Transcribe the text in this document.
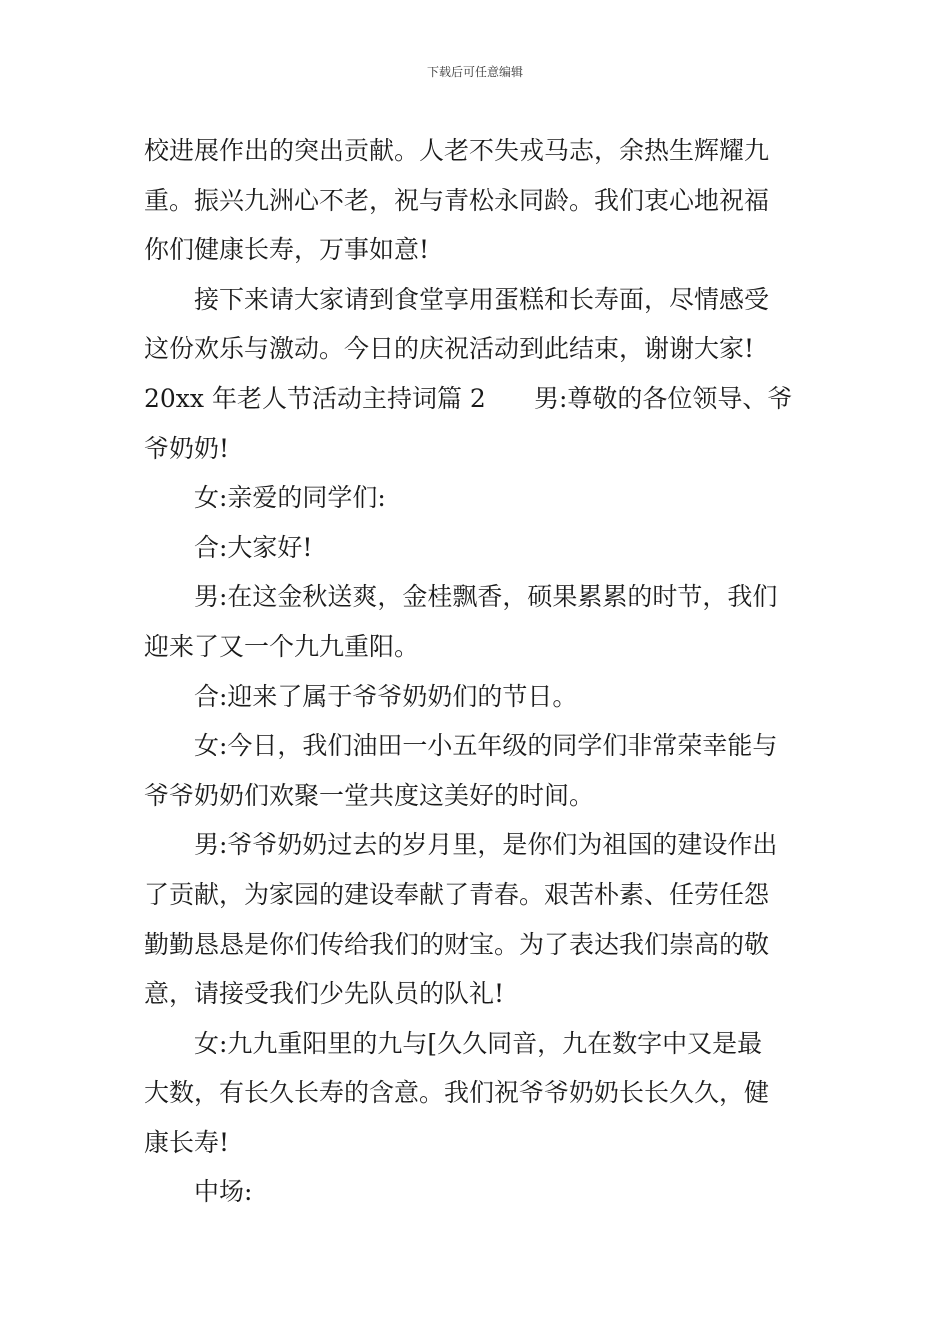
下载后可任意编辑
校进展作出的突出贡献。人老不失戎马志，余热生辉耀九
重。振兴九洲心不老，祝与青松永同龄。我们衷心地祝福
你们健康长寿，万事如意!
接下来请大家请到食堂享用蛋糕和长寿面，尽情感受
这份欢乐与激动。今日的庆祝活动到此结束，谢谢大家!
20xx 年老人节活动主持词篇 2 男:尊敬的各位领导、爷
爷奶奶!
女:亲爱的同学们:
合:大家好!
男:在这金秋送爽，金桂飘香，硕果累累的时节，我们
迎来了又一个九九重阳。
合:迎来了属于爷爷奶奶们的节日。
女:今日，我们油田一小五年级的同学们非常荣幸能与
爷爷奶奶们欢聚一堂共度这美好的时间。
男:爷爷奶奶过去的岁月里，是你们为祖国的建设作出
了贡献，为家园的建设奉献了青春。艰苦朴素、任劳任怨
勤勤恳恳是你们传给我们的财宝。为了表达我们崇高的敬
意，请接受我们少先队员的队礼!
女:九九重阳里的九与[久久同音，九在数字中又是最
大数，有长久长寿的含意。我们祝爷爷奶奶长长久久，健
康长寿!
中场:
